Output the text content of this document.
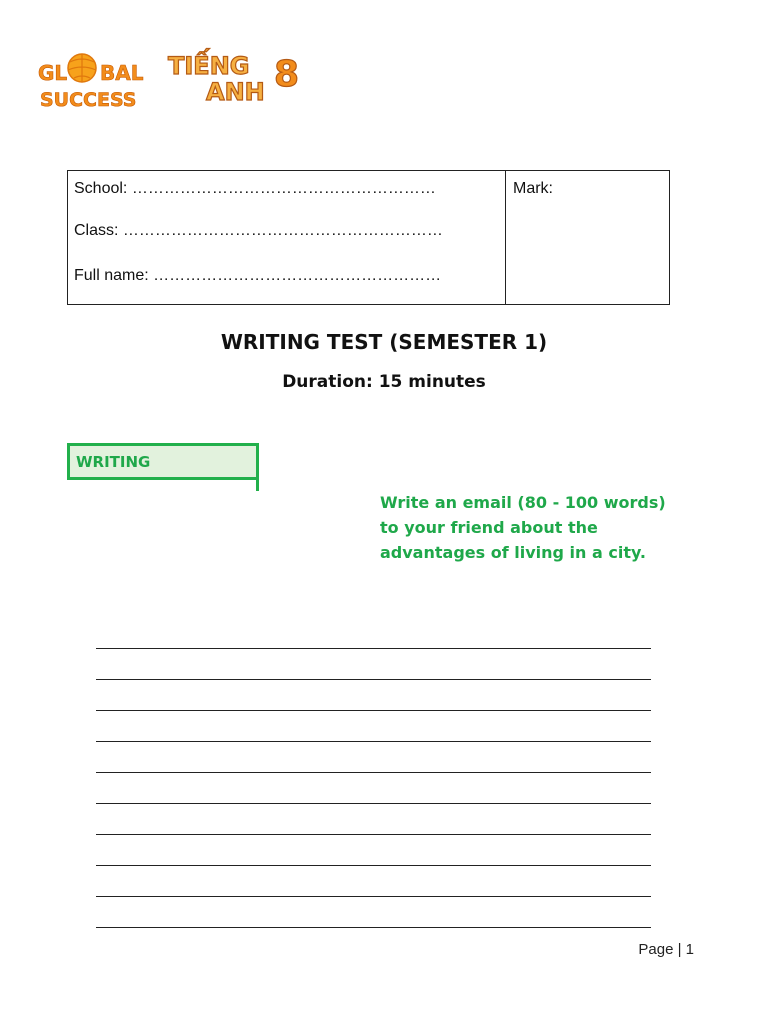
GL BAL
SUCCESS
TIẾNG
ANH 8
School: …………………………………………………
Class: ……………………………………………………
Full name: ………………………………………………
Mark:
WRITING TEST (SEMESTER 1)
Duration: 15 minutes
WRITING
Write an email (80 - 100 words) to your friend about the advantages of living in a city.
Page | 1
